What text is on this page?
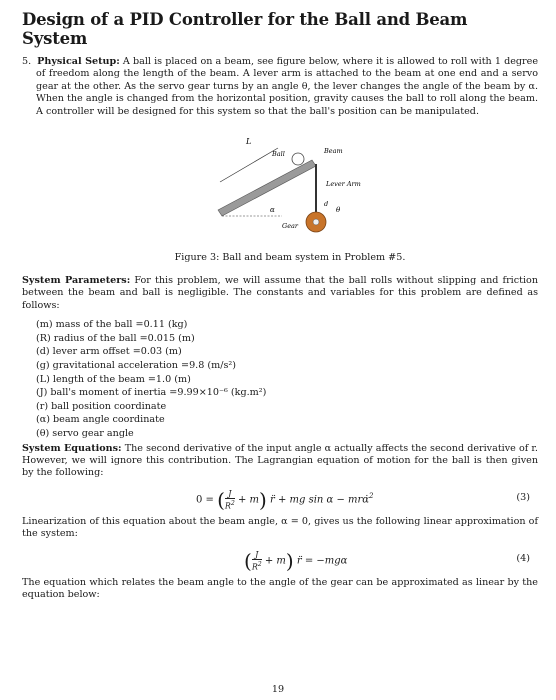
Design of a PID Controller for the Ball and Beam System

5. Physical Setup: A ball is placed on a beam, see figure below, where it is allowed to roll with 1 degree of freedom along the length of the beam. A lever arm is attached to the beam at one end and a servo gear at the other. As the servo gear turns by an angle θ, the lever changes the angle of the beam by α. When the angle is changed from the horizontal position, gravity causes the ball to roll along the beam. A controller will be designed for this system so that the ball's position can be manipulated.

L
Ball	Beam
α
Lever Arm
Gear
d
θ
Figure 3: Ball and beam system in Problem #5.

System Parameters: For this problem, we will assume that the ball rolls without slipping and friction between the beam and ball is negligible. The constants and variables for this problem are defined as follows:

(m) mass of the ball =0.11 (kg)
(R) radius of the ball =0.015 (m)
(d) lever arm offset =0.03 (m)
(g) gravitational acceleration =9.8 (m/s²)
(L) length of the beam =1.0 (m)
(J) ball's moment of inertia =9.99×10⁻⁶ (kg.m²)
(r) ball position coordinate
(α) beam angle coordinate
(θ) servo gear angle

System Equations: The second derivative of the input angle α actually affects the second derivative of r. However, we will ignore this contribution. The Lagrangian equation of motion for the ball is then given by the following:

0 = ( $\frac{J}{R^2} + m$) r̈ + mg sin α − mrα̇$^2$	(3)

Linearization of this equation about the beam angle, α = 0, gives us the following linear approximation of the system:

( $\frac{J}{R^2} + m$) r̈ = −mgα	(4)

The equation which relates the beam angle to the angle of the gear can be approximated as linear by the equation below:

19
